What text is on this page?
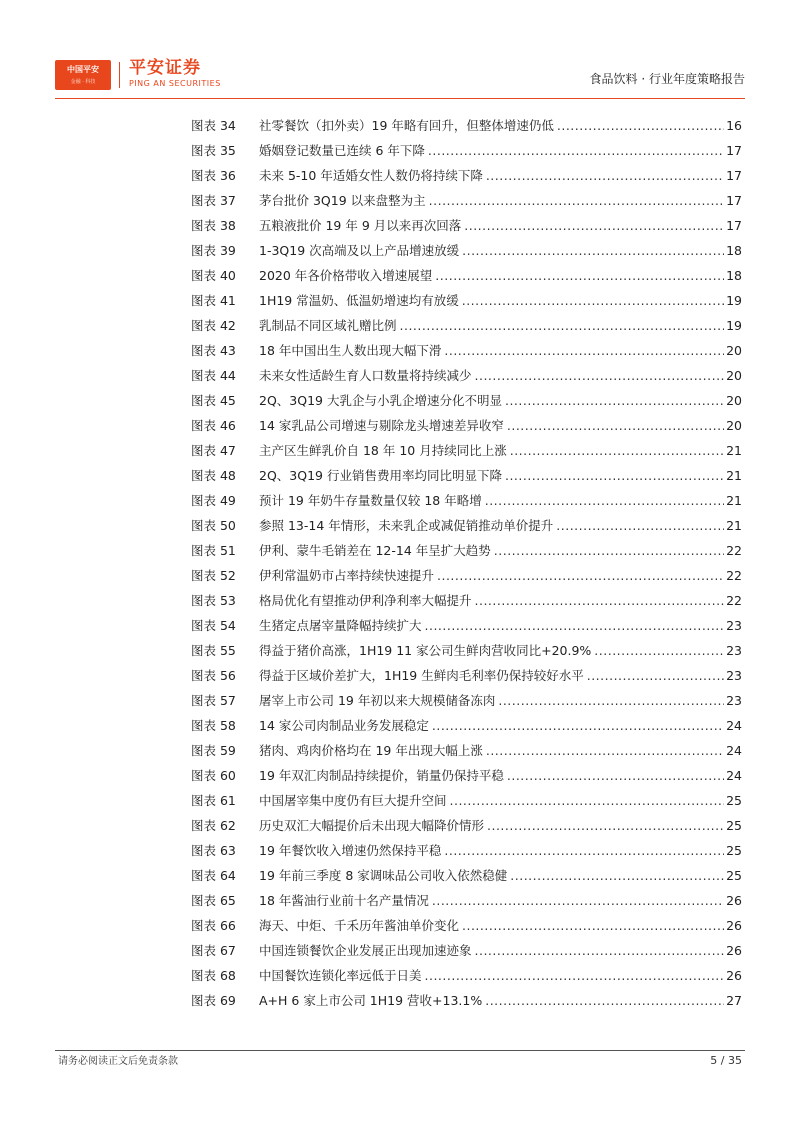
中国平安
金融 · 科技
平安证券
PING AN SECURITIES	食品饮料 · 行业年度策略报告
图表 34	社零餐饮（扣外卖）19 年略有回升，但整体增速仍低 .....	16
图表 35	婚姻登记数量已连续 6 年下降 .....	17
图表 36	未来 5-10 年适婚女性人数仍将持续下降 .....	17
图表 37	茅台批价 3Q19 以来盘整为主 .....	17
图表 38	五粮液批价 19 年 9 月以来再次回落 .....	17
图表 39	1-3Q19 次高端及以上产品增速放缓 .....	18
图表 40	2020 年各价格带收入增速展望 .....	18
图表 41	1H19 常温奶、低温奶增速均有放缓 .....	19
图表 42	乳制品不同区域礼赠比例 .....	19
图表 43	18 年中国出生人数出现大幅下滑 .....	20
图表 44	未来女性适龄生育人口数量将持续减少 .....	20
图表 45	2Q、3Q19 大乳企与小乳企增速分化不明显 .....	20
图表 46	14 家乳品公司增速与剔除龙头增速差异收窄 .....	20
图表 47	主产区生鲜乳价自 18 年 10 月持续同比上涨 .....	21
图表 48	2Q、3Q19 行业销售费用率均同比明显下降 .....	21
图表 49	预计 19 年奶牛存量数量仅较 18 年略增 .....	21
图表 50	参照 13-14 年情形，未来乳企或减促销推动单价提升 .....	21
图表 51	伊利、蒙牛毛销差在 12-14 年呈扩大趋势 .....	22
图表 52	伊利常温奶市占率持续快速提升 .....	22
图表 53	格局优化有望推动伊利净利率大幅提升 .....	22
图表 54	生猪定点屠宰量降幅持续扩大 .....	23
图表 55	得益于猪价高涨，1H19 11 家公司生鲜肉营收同比+20.9% .....	23
图表 56	得益于区域价差扩大，1H19 生鲜肉毛利率仍保持较好水平 .....	23
图表 57	屠宰上市公司 19 年初以来大规模储备冻肉 .....	23
图表 58	14 家公司肉制品业务发展稳定 .....	24
图表 59	猪肉、鸡肉价格均在 19 年出现大幅上涨 .....	24
图表 60	19 年双汇肉制品持续提价，销量仍保持平稳 .....	24
图表 61	中国屠宰集中度仍有巨大提升空间 .....	25
图表 62	历史双汇大幅提价后未出现大幅降价情形 .....	25
图表 63	19 年餐饮收入增速仍然保持平稳 .....	25
图表 64	19 年前三季度 8 家调味品公司收入依然稳健 .....	25
图表 65	18 年酱油行业前十名产量情况 .....	26
图表 66	海天、中炬、千禾历年酱油单价变化 .....	26
图表 67	中国连锁餐饮企业发展正出现加速迹象 .....	26
图表 68	中国餐饮连锁化率远低于日美 .....	26
图表 69	A+H 6 家上市公司 1H19 营收+13.1% .....	27
请务必阅读正文后免责条款	5 / 35
